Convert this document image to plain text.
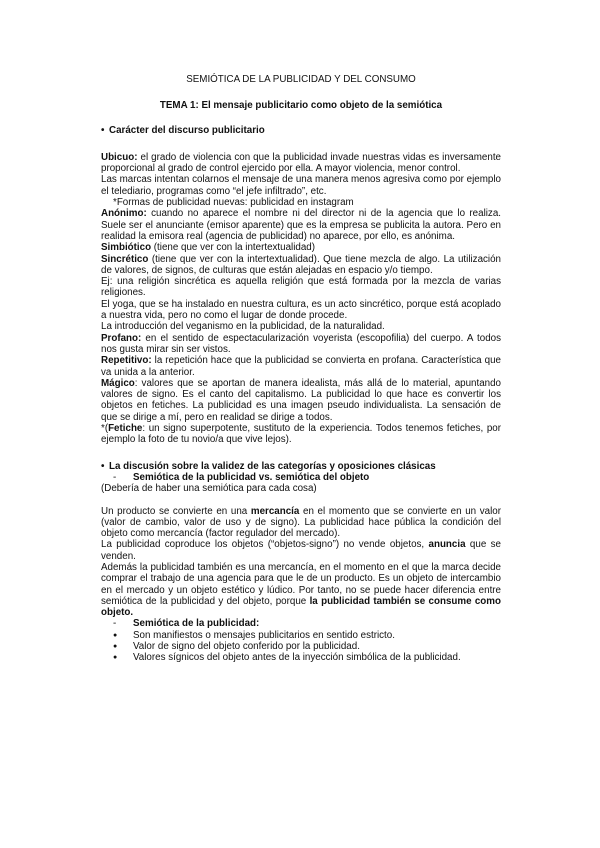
SEMIÓTICA DE LA PUBLICIDAD Y DEL CONSUMO
TEMA 1: El mensaje publicitario como objeto de la semiótica
• Carácter del discurso publicitario

Ubicuo: el grado de violencia con que la publicidad invade nuestras vidas es inversamente proporcional al grado de control ejercido por ella. A mayor violencia, menor control.

Las marcas intentan colarnos el mensaje de una manera menos agresiva como por ejemplo el telediario, programas como “el jefe infiltrado”, etc.

*Formas de publicidad nuevas: publicidad en instagram

Anónimo: cuando no aparece el nombre ni del director ni de la agencia que lo realiza. Suele ser el anunciante (emisor aparente) que es la empresa se publicita la autora. Pero en realidad la emisora real (agencia de publicidad) no aparece, por ello, es anónima.

Simbiótico (tiene que ver con la intertextualidad)

Sincrético (tiene que ver con la intertextualidad). Que tiene mezcla de algo. La utilización de valores, de signos, de culturas que están alejadas en espacio y/o tiempo.

Ej: una religión sincrética es aquella religión que está formada por la mezcla de varias religiones.

El yoga, que se ha instalado en nuestra cultura, es un acto sincrético, porque está acoplado a nuestra vida, pero no como el lugar de donde procede.

La introducción del veganismo en la publicidad, de la naturalidad.

Profano: en el sentido de espectacularización voyerista (escopofilia) del cuerpo. A todos nos gusta mirar sin ser vistos.

Repetitivo: la repetición hace que la publicidad se convierta en profana. Característica que va unida a la anterior.

Mágico: valores que se aportan de manera idealista, más allá de lo material, apuntando valores de signo. Es el canto del capitalismo. La publicidad lo que hace es convertir los objetos en fetiches. La publicidad es una imagen pseudo individualista. La sensación de que se dirige a mí, pero en realidad se dirige a todos.

*(Fetiche: un signo superpotente, sustituto de la experiencia. Todos tenemos fetiches, por ejemplo la foto de tu novio/a que vive lejos).

• La discusión sobre la validez de las categorías y oposiciones clásicas
- Semiótica de la publicidad vs. semiótica del objeto

(Debería de haber una semiótica para cada cosa)

Un producto se convierte en una mercancía en el momento que se convierte en un valor (valor de cambio, valor de uso y de signo). La publicidad hace pública la condición del objeto como mercancía (factor regulador del mercado).

La publicidad coproduce los objetos (“objetos-signo”) no vende objetos, anuncia que se venden.

Además la publicidad también es una mercancía, en el momento en el que la marca decide comprar el trabajo de una agencia para que le de un producto. Es un objeto de intercambio en el mercado y un objeto estético y lúdico. Por tanto, no se puede hacer diferencia entre semiótica de la publicidad y del objeto, porque la publicidad también se consume como objeto.

- Semiótica de la publicidad:
● Son manifiestos o mensajes publicitarios en sentido estricto.
● Valor de signo del objeto conferido por la publicidad.
● Valores sígnicos del objeto antes de la inyección simbólica de la publicidad.
